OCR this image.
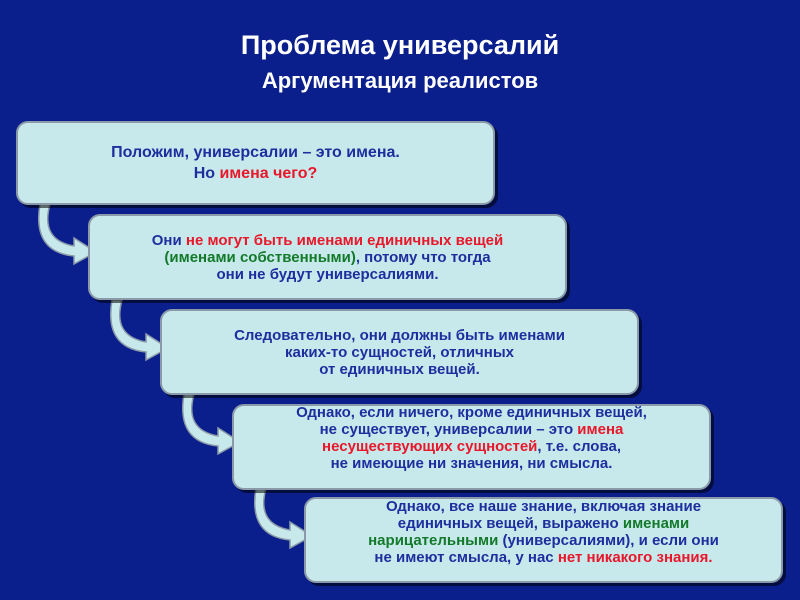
Проблема универсалий
Аргументация реалистов
Положим, универсалии – это имена.
Но имена чего?
Они не могут быть именами единичных вещей
(именами собственными), потому что тогда
они не будут универсалиями.
Следовательно, они должны быть именами
каких-то сущностей, отличных
от единичных вещей.
Однако, если ничего, кроме единичных вещей,
не существует, универсалии – это имена
несуществующих сущностей, т.е. слова,
не имеющие ни значения, ни смысла.
Однако, все наше знание, включая знание
единичных вещей, выражено именами
нарицательными (универсалиями), и если они
не имеют смысла, у нас нет никакого знания.
